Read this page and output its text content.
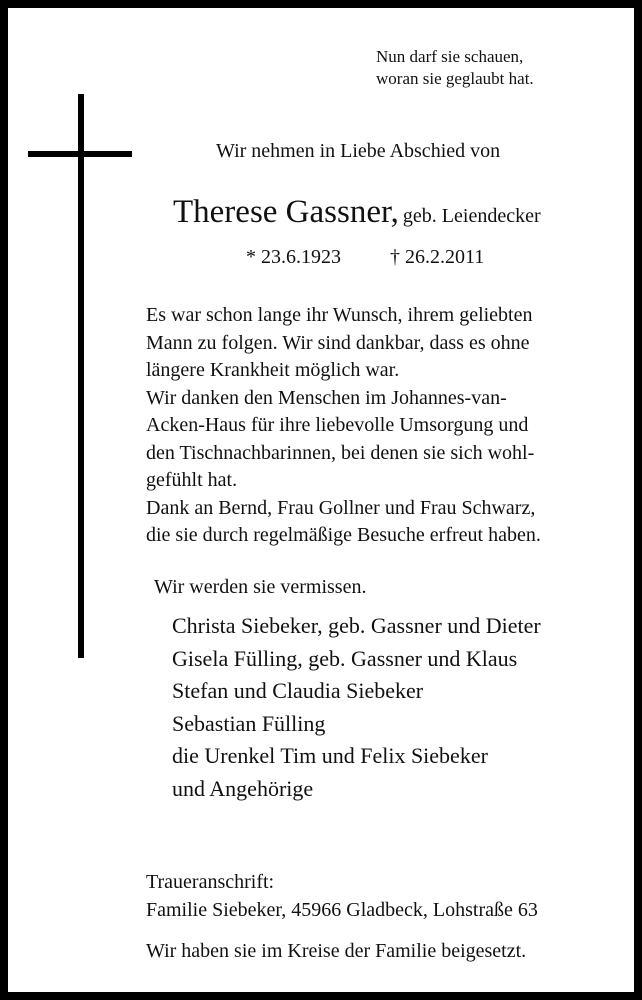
Nun darf sie schauen,
woran sie geglaubt hat.
Wir nehmen in Liebe Abschied von
Therese Gassner, geb. Leiendecker
* 23.6.1923 † 26.2.2011
Es war schon lange ihr Wunsch, ihrem geliebten
Mann zu folgen. Wir sind dankbar, dass es ohne
längere Krankheit möglich war.
Wir danken den Menschen im Johannes-van-
Acken-Haus für ihre liebevolle Umsorgung und
den Tischnachbarinnen, bei denen sie sich wohl-
gefühlt hat.
Dank an Bernd, Frau Gollner und Frau Schwarz,
die sie durch regelmäßige Besuche erfreut haben.
Wir werden sie vermissen.
Christa Siebeker, geb. Gassner und Dieter
Gisela Fülling, geb. Gassner und Klaus
Stefan und Claudia Siebeker
Sebastian Fülling
die Urenkel Tim und Felix Siebeker
und Angehörige
Traueranschrift:
Familie Siebeker, 45966 Gladbeck, Lohstraße 63
Wir haben sie im Kreise der Familie beigesetzt.
